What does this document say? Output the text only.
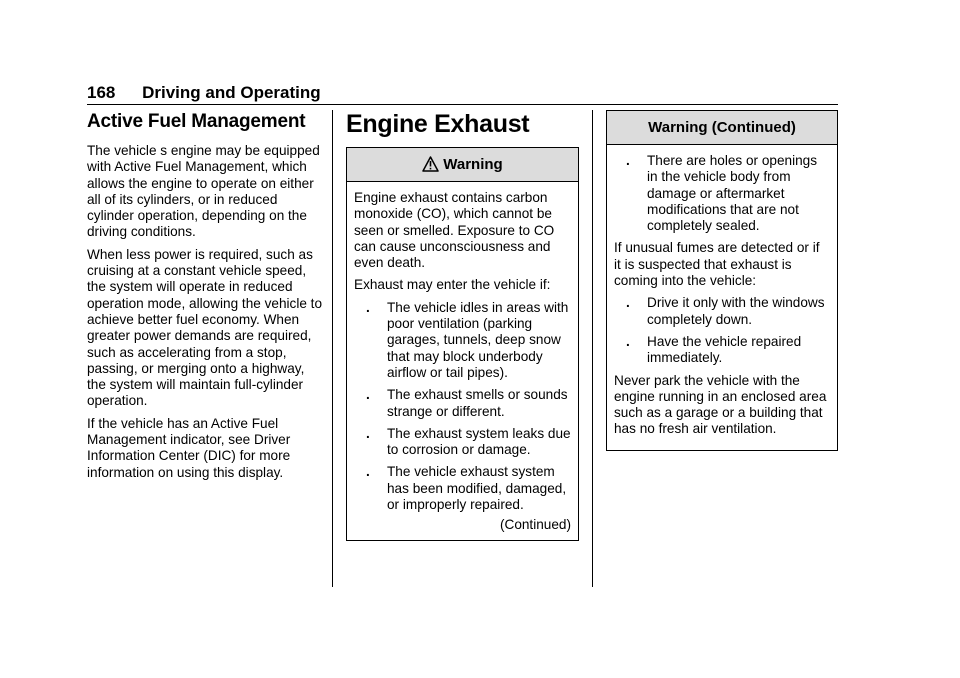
168 Driving and Operating
Active Fuel Management

The vehicle s engine may be equipped with Active Fuel Management, which allows the engine to operate on either all of its cylinders, or in reduced cylinder operation, depending on the driving conditions.

When less power is required, such as cruising at a constant vehicle speed, the system will operate in reduced operation mode, allowing the vehicle to achieve better fuel economy. When greater power demands are required, such as accelerating from a stop, passing, or merging onto a highway, the system will maintain full-cylinder operation.

If the vehicle has an Active Fuel Management indicator, see Driver Information Center (DIC) for more information on using this display.

Engine Exhaust
Warning

Engine exhaust contains carbon monoxide (CO), which cannot be seen or smelled. Exposure to CO can cause unconsciousness and even death.

Exhaust may enter the vehicle if:

. The vehicle idles in areas with poor ventilation (parking garages, tunnels, deep snow that may block underbody airflow or tail pipes).
. The exhaust smells or sounds strange or different.
. The exhaust system leaks due to corrosion or damage.
. The vehicle exhaust system has been modified, damaged, or improperly repaired.
(Continued)
Warning (Continued)
. There are holes or openings in the vehicle body from damage or aftermarket modifications that are not completely sealed.

If unusual fumes are detected or if it is suspected that exhaust is coming into the vehicle:

. Drive it only with the windows completely down.
. Have the vehicle repaired immediately.

Never park the vehicle with the engine running in an enclosed area such as a garage or a building that has no fresh air ventilation.
